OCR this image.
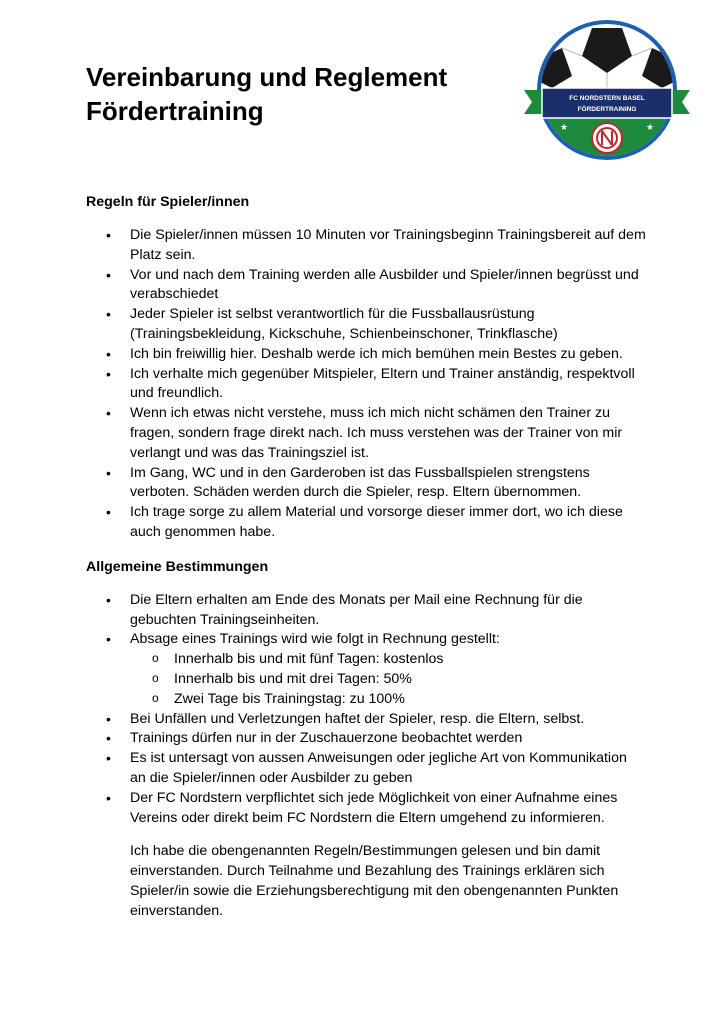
Vereinbarung und Reglement
Fördertraining	FC NORDSTERN BASEL
FÖRDERTRAINING
★	★
Regeln für Spieler/innen
• Die Spieler/innen müssen 10 Minuten vor Trainingsbeginn Trainingsbereit auf dem Platz sein.
• Vor und nach dem Training werden alle Ausbilder und Spieler/innen begrüsst und verabschiedet
• Jeder Spieler ist selbst verantwortlich für die Fussballausrüstung (Trainingsbekleidung, Kickschuhe, Schienbeinschoner, Trinkflasche)
• Ich bin freiwillig hier. Deshalb werde ich mich bemühen mein Bestes zu geben.
• Ich verhalte mich gegenüber Mitspieler, Eltern und Trainer anständig, respektvoll und freundlich.
• Wenn ich etwas nicht verstehe, muss ich mich nicht schämen den Trainer zu fragen, sondern frage direkt nach. Ich muss verstehen was der Trainer von mir verlangt und was das Trainingsziel ist.
• Im Gang, WC und in den Garderoben ist das Fussballspielen strengstens verboten. Schäden werden durch die Spieler, resp. Eltern übernommen.
• Ich trage sorge zu allem Material und vorsorge dieser immer dort, wo ich diese auch genommen habe.
Allgemeine Bestimmungen
• Die Eltern erhalten am Ende des Monats per Mail eine Rechnung für die gebuchten Trainingseinheiten.
• Absage eines Trainings wird wie folgt in Rechnung gestellt:
o Innerhalb bis und mit fünf Tagen: kostenlos
o Innerhalb bis und mit drei Tagen: 50%
o Zwei Tage bis Trainingstag: zu 100%
• Bei Unfällen und Verletzungen haftet der Spieler, resp. die Eltern, selbst.
• Trainings dürfen nur in der Zuschauerzone beobachtet werden
• Es ist untersagt von aussen Anweisungen oder jegliche Art von Kommunikation an die Spieler/innen oder Ausbilder zu geben
• Der FC Nordstern verpflichtet sich jede Möglichkeit von einer Aufnahme eines Vereins oder direkt beim FC Nordstern die Eltern umgehend zu informieren.

Ich habe die obengenannten Regeln/Bestimmungen gelesen und bin damit einverstanden. Durch Teilnahme und Bezahlung des Trainings erklären sich Spieler/in sowie die Erziehungsberechtigung mit den obengenannten Punkten einverstanden.
